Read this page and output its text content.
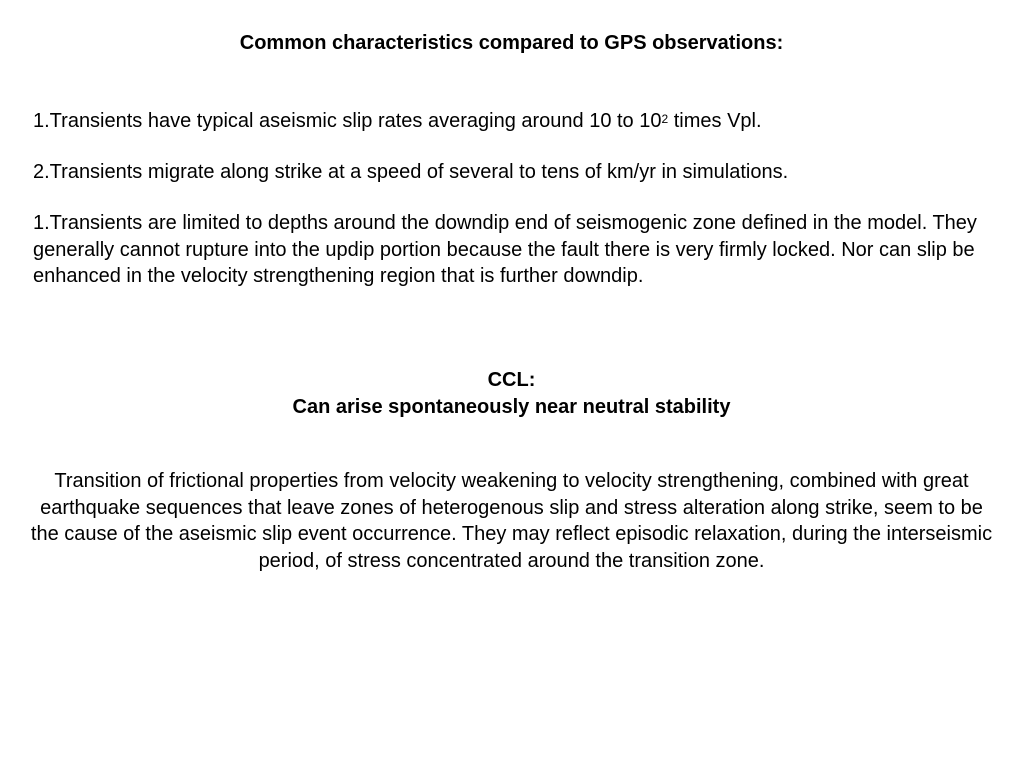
Common characteristics compared to GPS observations:

1.Transients have typical aseismic slip rates averaging around 10 to $10^2$ times Vpl.

2.Transients migrate along strike at a speed of several to tens of km/yr in simulations.

1.Transients are limited to depths around the downdip end of seismogenic zone defined in the model. They generally cannot rupture into the updip portion because the fault there is very firmly locked. Nor can slip be enhanced in the velocity strengthening region that is further downdip.

CCL:
Can arise spontaneously near neutral stability

Transition of frictional properties from velocity weakening to velocity strengthening, combined with great earthquake sequences that leave zones of heterogenous slip and stress alteration along strike, seem to be the cause of the aseismic slip event occurrence. They may reflect episodic relaxation, during the interseismic period, of stress concentrated around the transition zone.
